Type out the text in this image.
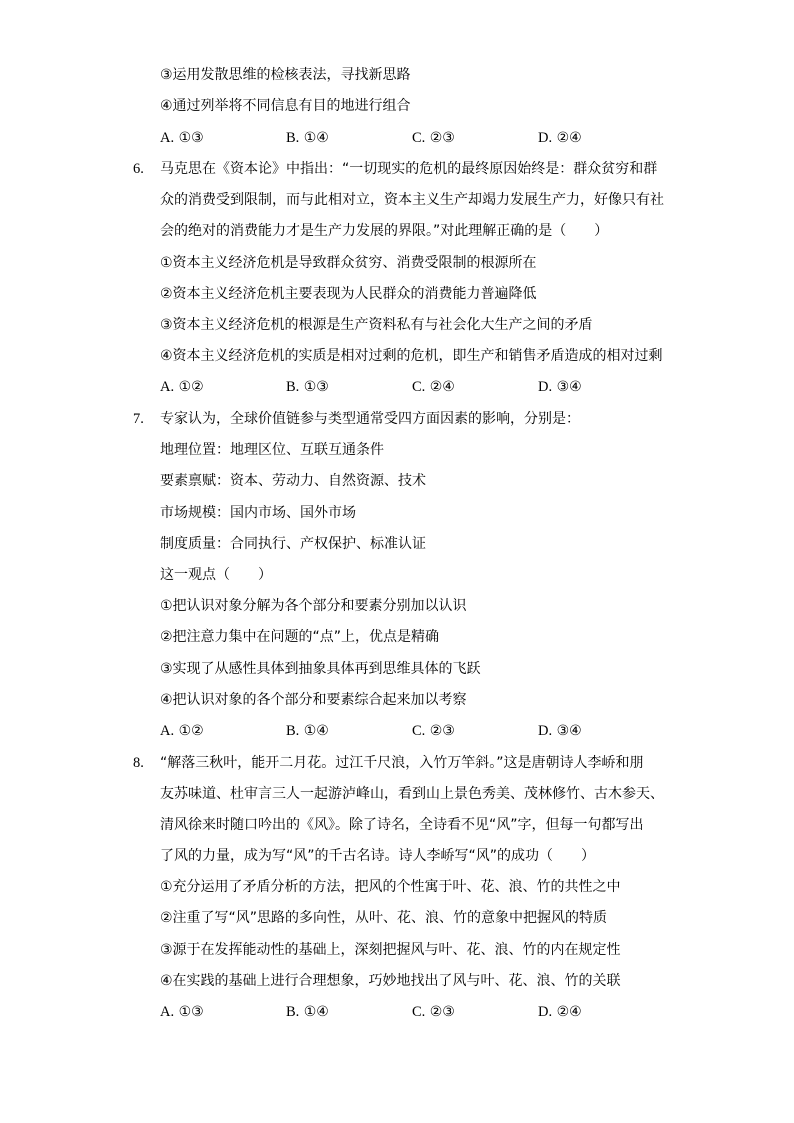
③运用发散思维的检核表法，寻找新思路
④通过列举将不同信息有目的地进行组合
A. ①③	B. ①④	C. ②③	D. ②④
6. 马克思在《资本论》中指出：“一切现实的危机的最终原因始终是：群众贫穷和群
众的消费受到限制，而与此相对立，资本主义生产却竭力发展生产力，好像只有社
会的绝对的消费能力才是生产力发展的界限。”对此理解正确的是（　　）
①资本主义经济危机是导致群众贫穷、消费受限制的根源所在
②资本主义经济危机主要表现为人民群众的消费能力普遍降低
③资本主义经济危机的根源是生产资料私有与社会化大生产之间的矛盾
④资本主义经济危机的实质是相对过剩的危机，即生产和销售矛盾造成的相对过剩
A. ①②	B. ①③	C. ②④	D. ③④
7. 专家认为，全球价值链参与类型通常受四方面因素的影响，分别是：
地理位置：地理区位、互联互通条件
要素禀赋：资本、劳动力、自然资源、技术
市场规模：国内市场、国外市场
制度质量：合同执行、产权保护、标准认证
这一观点（　　）
①把认识对象分解为各个部分和要素分别加以认识
②把注意力集中在问题的“点”上，优点是精确
③实现了从感性具体到抽象具体再到思维具体的飞跃
④把认识对象的各个部分和要素综合起来加以考察
A. ①②	B. ①④	C. ②③	D. ③④
8. “解落三秋叶，能开二月花。过江千尺浪，入竹万竿斜。”这是唐朝诗人李峤和朋
友苏味道、杜审言三人一起游泸峰山，看到山上景色秀美、茂林修竹、古木参天、
清风徐来时随口吟出的《风》。除了诗名，全诗看不见“风”字，但每一句都写出
了风的力量，成为写“风”的千古名诗。诗人李峤写“风”的成功（　　）
①充分运用了矛盾分析的方法，把风的个性寓于叶、花、浪、竹的共性之中
②注重了写“风”思路的多向性，从叶、花、浪、竹的意象中把握风的特质
③源于在发挥能动性的基础上，深刻把握风与叶、花、浪、竹的内在规定性
④在实践的基础上进行合理想象，巧妙地找出了风与叶、花、浪、竹的关联
A. ①③	B. ①④	C. ②③	D. ②④
